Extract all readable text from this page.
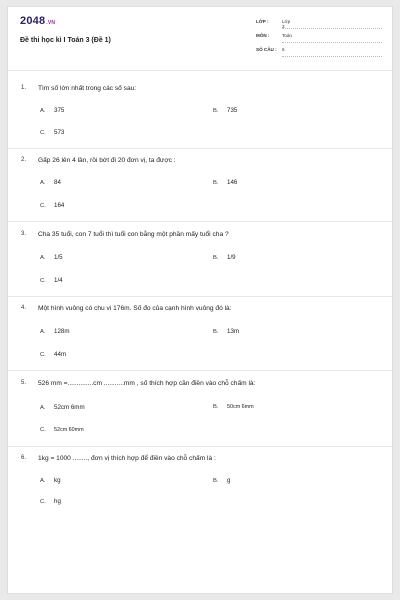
2048.VN
Đề thi học kì I Toán 3 (Đề 1)
LỚP :	Lớp 3
MÔN :	Toán
SỐ CÂU :	6
1. Tìm số lớn nhất trong các số sau:
A. 375	B. 735
C. 573
2. Gấp 26 lên 4 lần, rồi bớt đi 20 đơn vị, ta được :
A. 84	B. 146
C. 164
3. Cha 35 tuổi, con 7 tuổi thì tuổi con bằng một phần mấy tuổi cha ?
A. 1/5	B. 1/9
C. 1/4
4. Một hình vuông có chu vi 176m. Số đo của cạnh hình vuông đó là:
A. 128m	B. 13m
C. 44m
5. 526 mm =..............cm ...........mm , số thích hợp cần điền vào chỗ chấm là:
A. 52cm 6mm	B. 50cm 6mm
C. 52cm 60mm
6. 1kg = 1000 ........, đơn vị thích hợp để điền vào chỗ chấm là :
A. kg	B. g
C. hg
